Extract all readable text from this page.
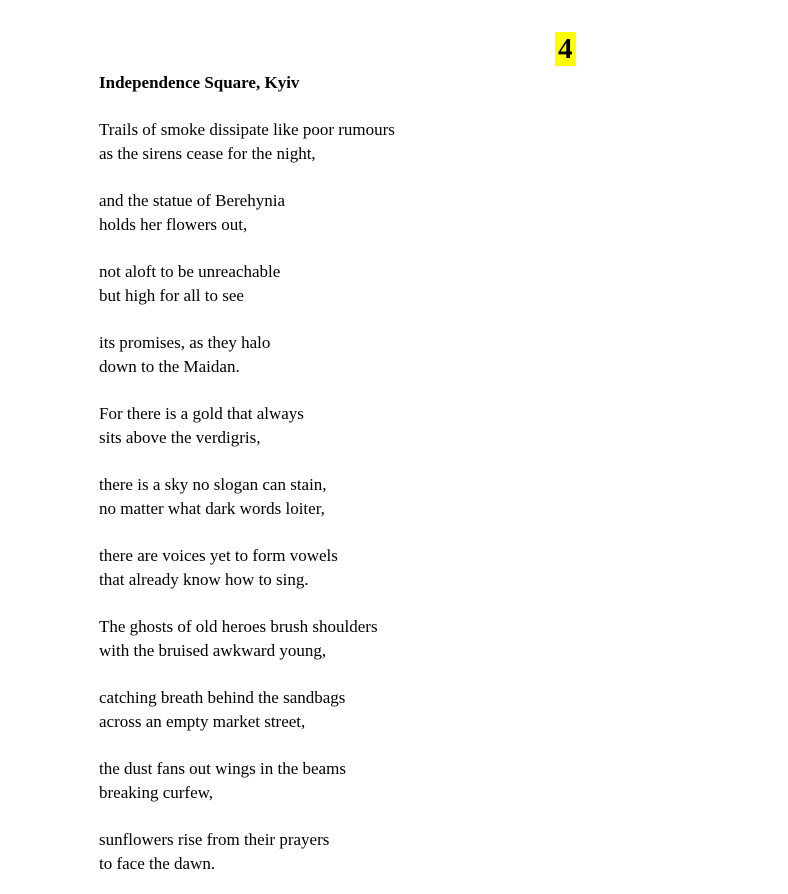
4

Independence Square, Kyiv

Trails of smoke dissipate like poor rumours
as the sirens cease for the night,

and the statue of Berehynia
holds her flowers out,

not aloft to be unreachable
but high for all to see

its promises, as they halo
down to the Maidan.

For there is a gold that always
sits above the verdigris,

there is a sky no slogan can stain,
no matter what dark words loiter,

there are voices yet to form vowels
that already know how to sing.

The ghosts of old heroes brush shoulders
with the bruised awkward young,

catching breath behind the sandbags
across an empty market street,

the dust fans out wings in the beams
breaking curfew,

sunflowers rise from their prayers
to face the dawn.
